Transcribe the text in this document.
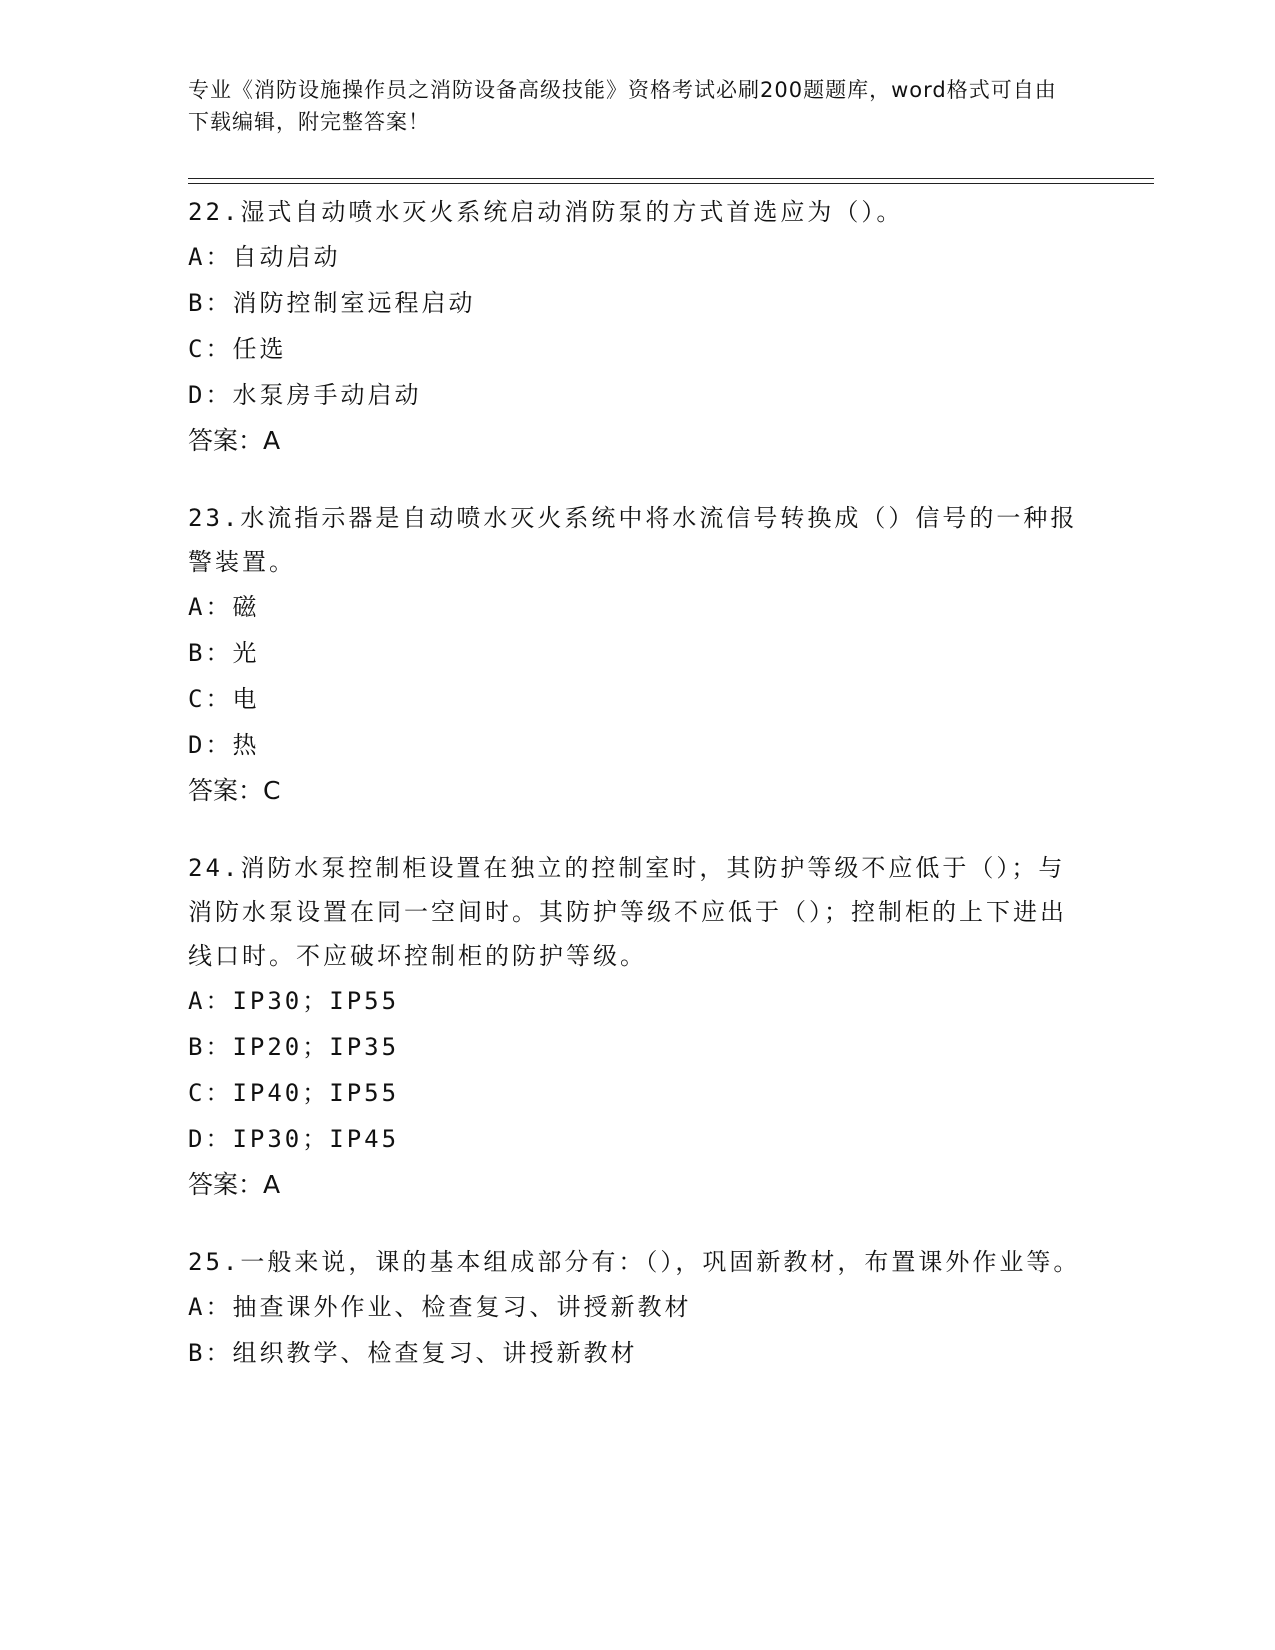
专业《消防设施操作员之消防设备高级技能》资格考试必刷200题题库，word格式可自由下载编辑，附完整答案！

22.湿式自动喷水灭火系统启动消防泵的方式首选应为（）。

A：自动启动

B：消防控制室远程启动

C：任选

D：水泵房手动启动

答案：A

23.水流指示器是自动喷水灭火系统中将水流信号转换成（）信号的一种报警装置。

A：磁

B：光

C：电

D：热

答案：C

24.消防水泵控制柜设置在独立的控制室时，其防护等级不应低于（）；与消防水泵设置在同一空间时。其防护等级不应低于（）；控制柜的上下进出线口时。不应破坏控制柜的防护等级。

A：IP30；IP55

B：IP20；IP35

C：IP40；IP55

D：IP30；IP45

答案：A

25.一般来说，课的基本组成部分有：（），巩固新教材，布置课外作业等。

A：抽查课外作业、检查复习、讲授新教材

B：组织教学、检查复习、讲授新教材
